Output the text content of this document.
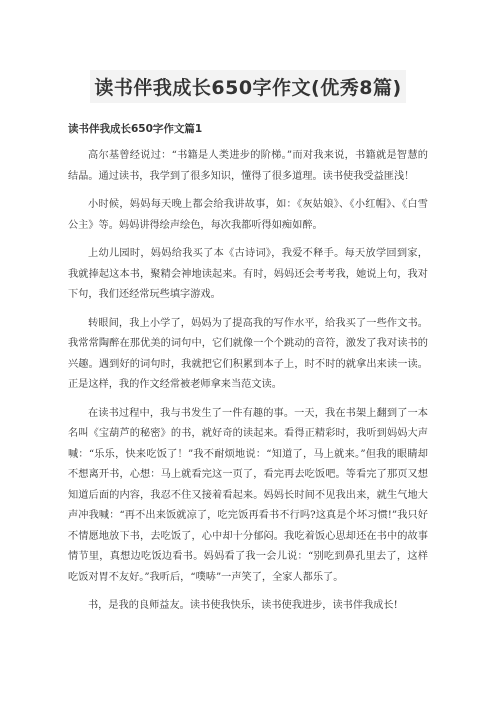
读书伴我成长650字作文(优秀8篇)
读书伴我成长650字作文篇1

高尔基曾经说过：“书籍是人类进步的阶梯。”而对我来说，书籍就是智慧的结晶。通过读书，我学到了很多知识，懂得了很多道理。读书使我受益匪浅！

小时候，妈妈每天晚上都会给我讲故事，如：《灰姑娘》、《小红帽》、《白雪公主》等。妈妈讲得绘声绘色，每次我都听得如痴如醉。

上幼儿园时，妈妈给我买了本《古诗词》，我爱不释手。每天放学回到家，我就捧起这本书，聚精会神地读起来。有时，妈妈还会考考我，她说上句，我对下句，我们还经常玩些填字游戏。

转眼间，我上小学了，妈妈为了提高我的写作水平，给我买了一些作文书。我常常陶醉在那优美的词句中，它们就像一个个跳动的音符，激发了我对读书的兴趣。遇到好的词句时，我就把它们积累到本子上，时不时的就拿出来读一读。正是这样，我的作文经常被老师拿来当范文读。

在读书过程中，我与书发生了一件有趣的事。一天，我在书架上翻到了一本名叫《宝葫芦的秘密》的书，就好奇的读起来。看得正精彩时，我听到妈妈大声喊：“乐乐，快来吃饭了！”我不耐烦地说：“知道了，马上就来。”但我的眼睛却不想离开书，心想：马上就看完这一页了，看完再去吃饭吧。等看完了那页又想知道后面的内容，我忍不住又接着看起来。妈妈长时间不见我出来，就生气地大声冲我喊：“再不出来饭就凉了，吃完饭再看书不行吗?这真是个坏习惯!”我只好不情愿地放下书，去吃饭了，心中却十分郁闷。我吃着饭心思却还在书中的故事情节里，真想边吃饭边看书。妈妈看了我一会儿说：“别吃到鼻孔里去了，这样吃饭对胃不友好。”我听后，“噗哧”一声笑了，全家人都乐了。

书，是我的良师益友。读书使我快乐，读书使我进步，读书伴我成长!
